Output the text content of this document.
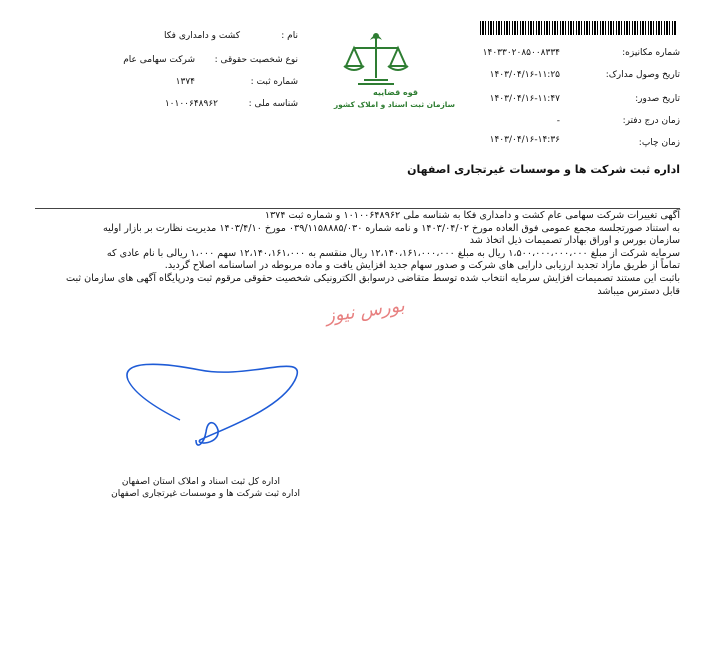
شماره مکانیزه:
۱۴۰۳۳۰۲۰۸۵۰۰۸۳۳۴
تاریخ وصول مدارک:
۱۴۰۳/۰۴/۱۶-۱۱:۲۵
تاریخ صدور:
۱۴۰۳/۰۴/۱۶-۱۱:۴۷
زمان درج دفتر:
-
زمان چاپ:
۱۴۰۳/۰۴/۱۶-۱۴:۳۶
نام :
کشت و دامداری فکا
نوع شخصیت حقوقی :
شرکت سهامی عام
شماره ثبت :
۱۳۷۴
شناسه ملی :
۱۰۱۰۰۶۴۸۹۶۲
قوه قضاییه
سازمان ثبت اسناد و املاک کشور
اداره ثبت شرکت ها و موسسات غیرتجاری اصفهان

آگهی تغییرات شرکت سهامی عام کشت و دامداری فکا به شناسه ملی ۱۰۱۰۰۶۴۸۹۶۲ و شماره ثبت ۱۳۷۴

به استناد صورتجلسه مجمع عمومی فوق العاده مورخ ۱۴۰۳/۰۴/۰۲ و نامه شماره ۰۳۹/۱۱۵۸۸۸۵/۰۳۰ مورخ ۱۴۰۳/۴/۱۰ مدیریت نظارت بر بازار اولیه

سازمان بورس و اوراق بهادار تصمیمات ذیل اتخاذ شد

سرمایه شرکت از مبلغ ۱،۵۰۰،۰۰۰،۰۰۰،۰۰۰ ریال به مبلغ ۱۲،۱۴۰،۱۶۱،۰۰۰،۰۰۰ ریال منقسم به ۱۲،۱۴۰،۱۶۱،۰۰۰ سهم ۱،۰۰۰ ریالی با نام عادی که

تماماً از طریق مازاد تجدید ارزیابی دارایی های شرکت و صدور سهام جدید افزایش یافت و ماده مربوطه در اساسنامه اصلاح گردید.

باثبت این مستند تصمیمات افزایش سرمایه انتخاب شده توسط متقاضی درسوابق الکترونیکی شخصیت حقوقی مرقوم ثبت ودرپایگاه آگهی های سازمان ثبت

قابل دسترس میباشد

بورس نیوز
اداره کل ثبت اسناد و املاک استان اصفهان
اداره ثبت شرکت ها و موسسات غیرتجاری اصفهان
